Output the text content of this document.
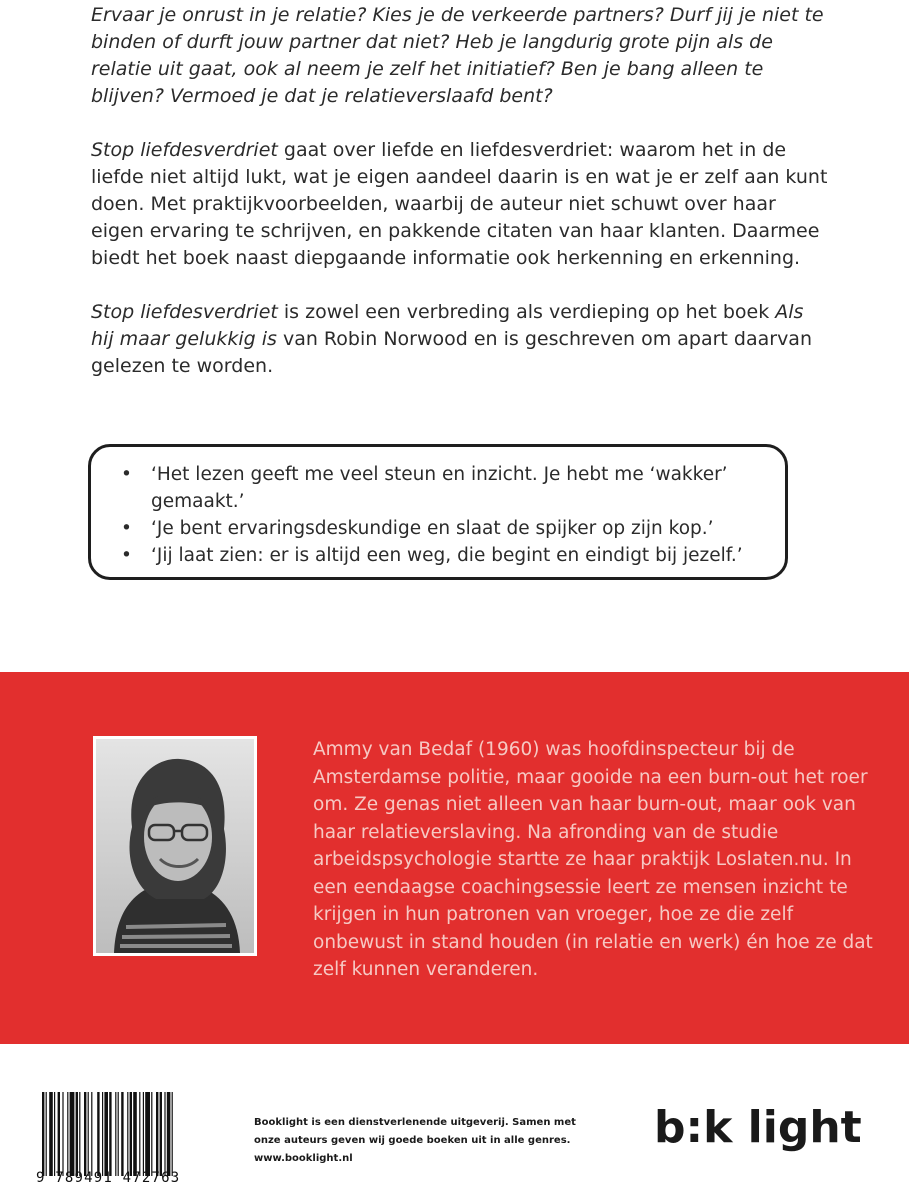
Ervaar je onrust in je relatie? Kies je de verkeerde partners? Durf jij je niet te binden of durft jouw partner dat niet? Heb je langdurig grote pijn als de relatie uit gaat, ook al neem je zelf het initiatief? Ben je bang alleen te blijven? Vermoed je dat je relatieverslaafd bent?

Stop liefdesverdriet gaat over liefde en liefdesverdriet: waarom het in de liefde niet altijd lukt, wat je eigen aandeel daarin is en wat je er zelf aan kunt doen. Met praktijkvoorbeelden, waarbij de auteur niet schuwt over haar eigen ervaring te schrijven, en pakkende citaten van haar klanten. Daarmee biedt het boek naast diepgaande informatie ook herkenning en erkenning.

Stop liefdesverdriet is zowel een verbreding als verdieping op het boek Als hij maar gelukkig is van Robin Norwood en is geschreven om apart daarvan gelezen te worden.

• ‘Het lezen geeft me veel steun en inzicht. Je hebt me ‘wakker’ gemaakt.’
• ‘Je bent ervaringsdeskundige en slaat de spijker op zijn kop.’
• ‘Jij laat zien: er is altijd een weg, die begint en eindigt bij jezelf.’

Ammy van Bedaf (1960) was hoofdinspecteur bij de Amsterdamse politie, maar gooide na een burn-out het roer om. Ze genas niet alleen van haar burn-out, maar ook van haar relatieverslaving. Na afronding van de studie arbeidspsychologie startte ze haar praktijk Loslaten.nu. In een eendaagse coachingsessie leert ze mensen inzicht te krijgen in hun patronen van vroeger, hoe ze die zelf onbewust in stand houden (in relatie en werk) én hoe ze dat zelf kunnen veranderen.

9 789491 472763

Booklight is een dienstverlenende uitgeverij. Samen met
onze auteurs geven wij goede boeken uit in alle genres.
www.booklight.nl

b:k light
